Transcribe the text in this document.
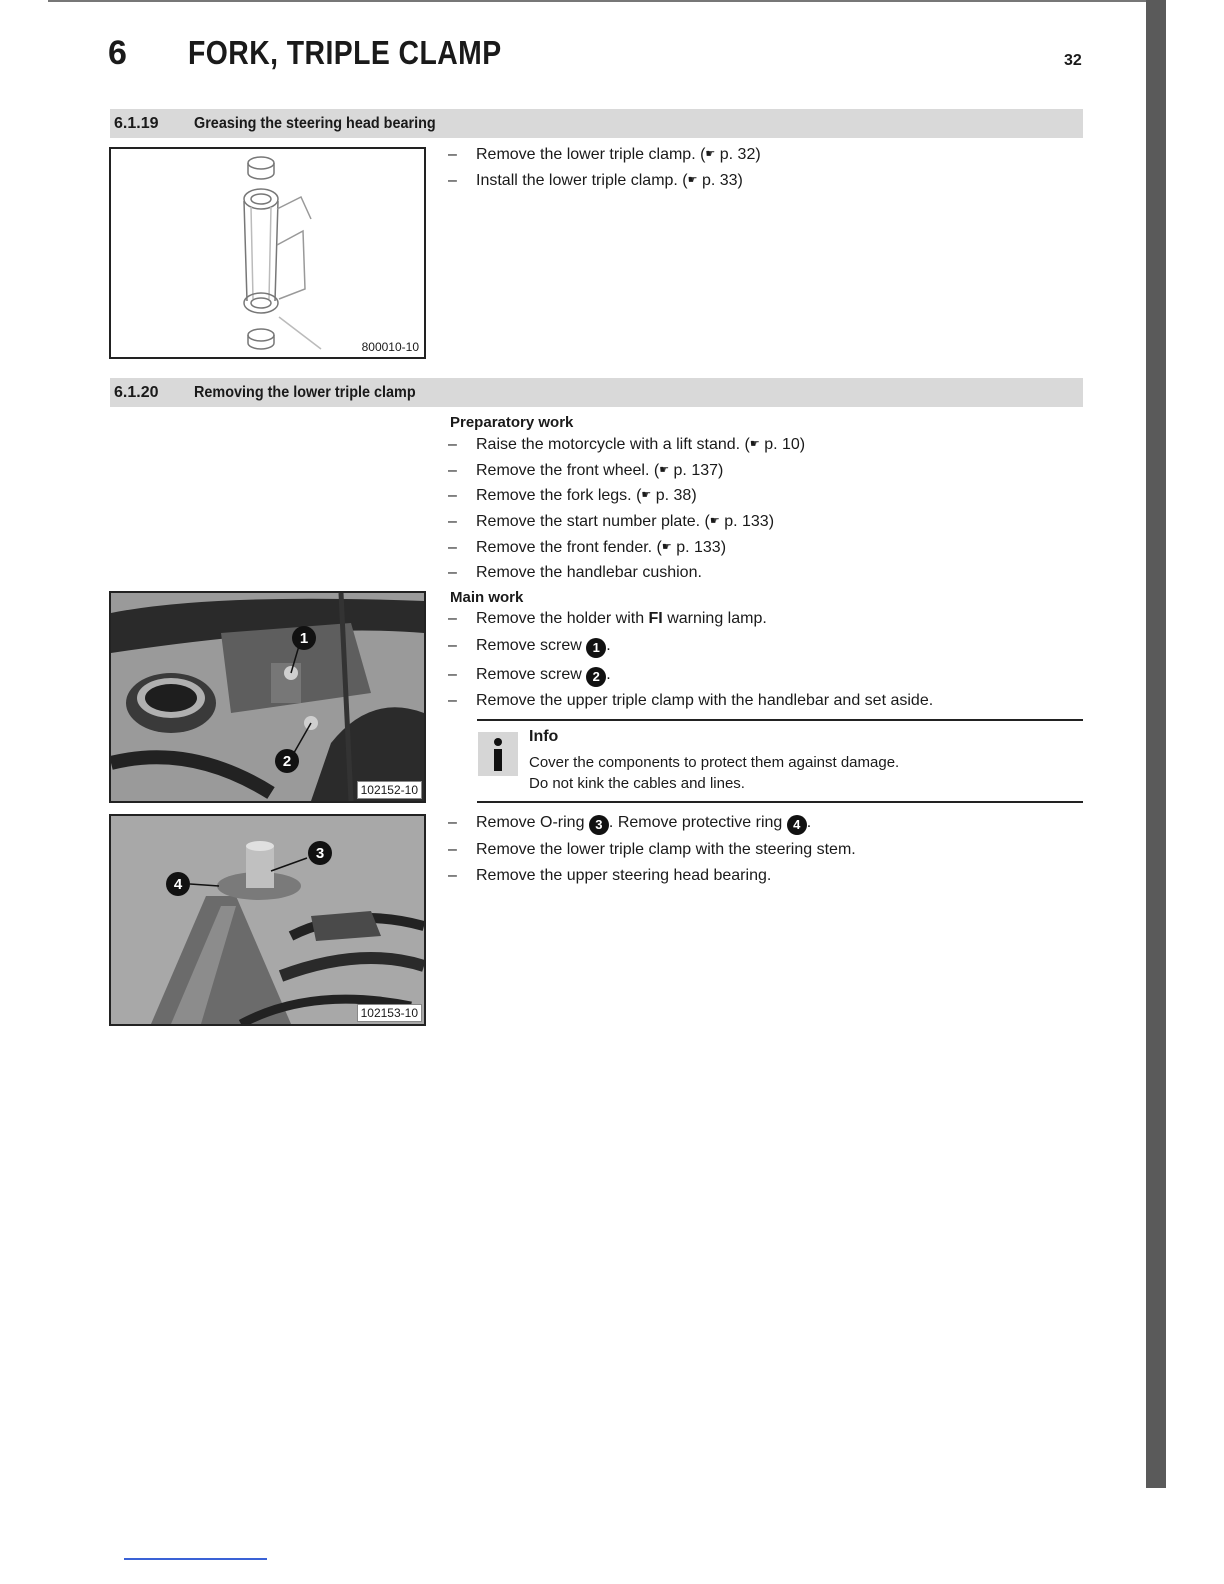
6 FORK, TRIPLE CLAMP	32
6.1.19 Greasing the steering head bearing
800010-10
– Remove the lower triple clamp. (☛ p. 32)
– Install the lower triple clamp. (☛ p. 33)
6.1.20 Removing the lower triple clamp
Preparatory work
– Raise the motorcycle with a lift stand. (☛ p. 10)
– Remove the front wheel. (☛ p. 137)
– Remove the fork legs. (☛ p. 38)
– Remove the start number plate. (☛ p. 133)
– Remove the front fender. (☛ p. 133)
– Remove the handlebar cushion.
Main work
– Remove the holder with FI warning lamp.
– Remove screw 1 .
– Remove screw 2 .
– Remove the upper triple clamp with the handlebar and set aside.
Info
Cover the components to protect them against damage.
Do not kink the cables and lines.
– Remove O-ring 3 . Remove protective ring 4 .
– Remove the lower triple clamp with the steering stem.
– Remove the upper steering head bearing.
1
2
102152-10
3
4
102153-10
